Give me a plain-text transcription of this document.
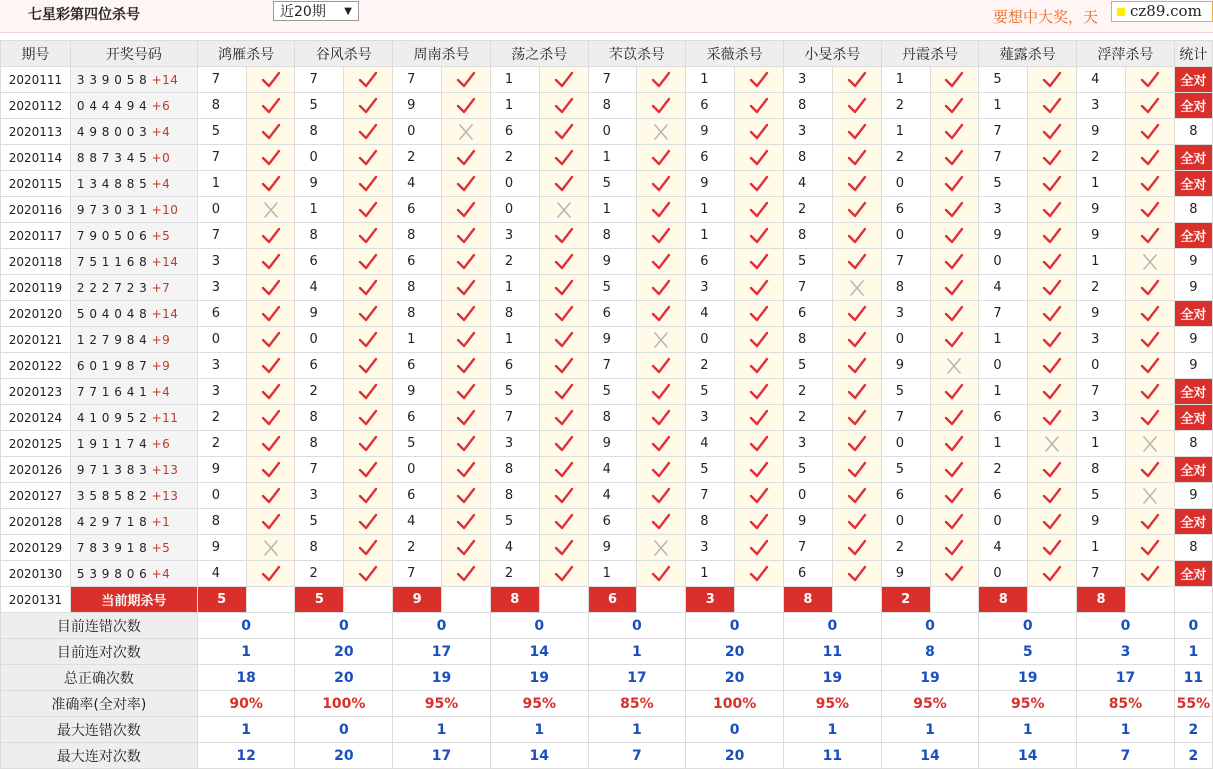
七星彩第四位杀号	近20期 ▼	要想中大奖，天	cz89.com
期号	开奖号码	鸿雁杀号		谷风杀号		周南杀号		荡之杀号		芣苡杀号		采薇杀号		小旻杀号		丹霞杀号		薤露杀号		浮萍杀号		统计
2020111	3 3 9 0 5 8 +14	7		7		7		1		7		1		3		1		5		4		全对
2020112	0 4 4 4 9 4 +6	8		5		9		1		8		6		8		2		1		3		全对
2020113	4 9 8 0 0 3 +4	5		8		0		6		0		9		3		1		7		9		8
2020114	8 8 7 3 4 5 +0	7		0		2		2		1		6		8		2		7		2		全对
2020115	1 3 4 8 8 5 +4	1		9		4		0		5		9		4		0		5		1		全对
2020116	9 7 3 0 3 1 +10	0		1		6		0		1		1		2		6		3		9		8
2020117	7 9 0 5 0 6 +5	7		8		8		3		8		1		8		0		9		9		全对
2020118	7 5 1 1 6 8 +14	3		6		6		2		9		6		5		7		0		1		9
2020119	2 2 2 7 2 3 +7	3		4		8		1		5		3		7		8		4		2		9
2020120	5 0 4 0 4 8 +14	6		9		8		8		6		4		6		3		7		9		全对
2020121	1 2 7 9 8 4 +9	0		0		1		1		9		0		8		0		1		3		9
2020122	6 0 1 9 8 7 +9	3		6		6		6		7		2		5		9		0		0		9
2020123	7 7 1 6 4 1 +4	3		2		9		5		5		5		2		5		1		7		全对
2020124	4 1 0 9 5 2 +11	2		8		6		7		8		3		2		7		6		3		全对
2020125	1 9 1 1 7 4 +6	2		8		5		3		9		4		3		0		1		1		8
2020126	9 7 1 3 8 3 +13	9		7		0		8		4		5		5		5		2		8		全对
2020127	3 5 8 5 8 2 +13	0		3		6		8		4		7		0		6		6		5		9
2020128	4 2 9 7 1 8 +1	8		5		4		5		6		8		9		0		0		9		全对
2020129	7 8 3 9 1 8 +5	9		8		2		4		9		3		7		2		4		1		8
2020130	5 3 9 8 0 6 +4	4		2		7		2		1		1		6		9		0		7		全对
2020131	当前期杀号	5		5		9		8		6		3		8		2		8		8		
目前连错次数		0		0		0		0		0		0		0		0		0		0		0
目前连对次数		1		20		17		14		1		20		11		8		5		3		1
总正确次数		18		20		19		19		17		20		19		19		19		17		11
准确率(全对率)		90%		100%		95%		95%		85%		100%		95%		95%		95%		85%		55%
最大连错次数		1		0		1		1		1		0		1		1		1		1		2
最大连对次数		12		20		17		14		7		20		11		14		14		7		2
